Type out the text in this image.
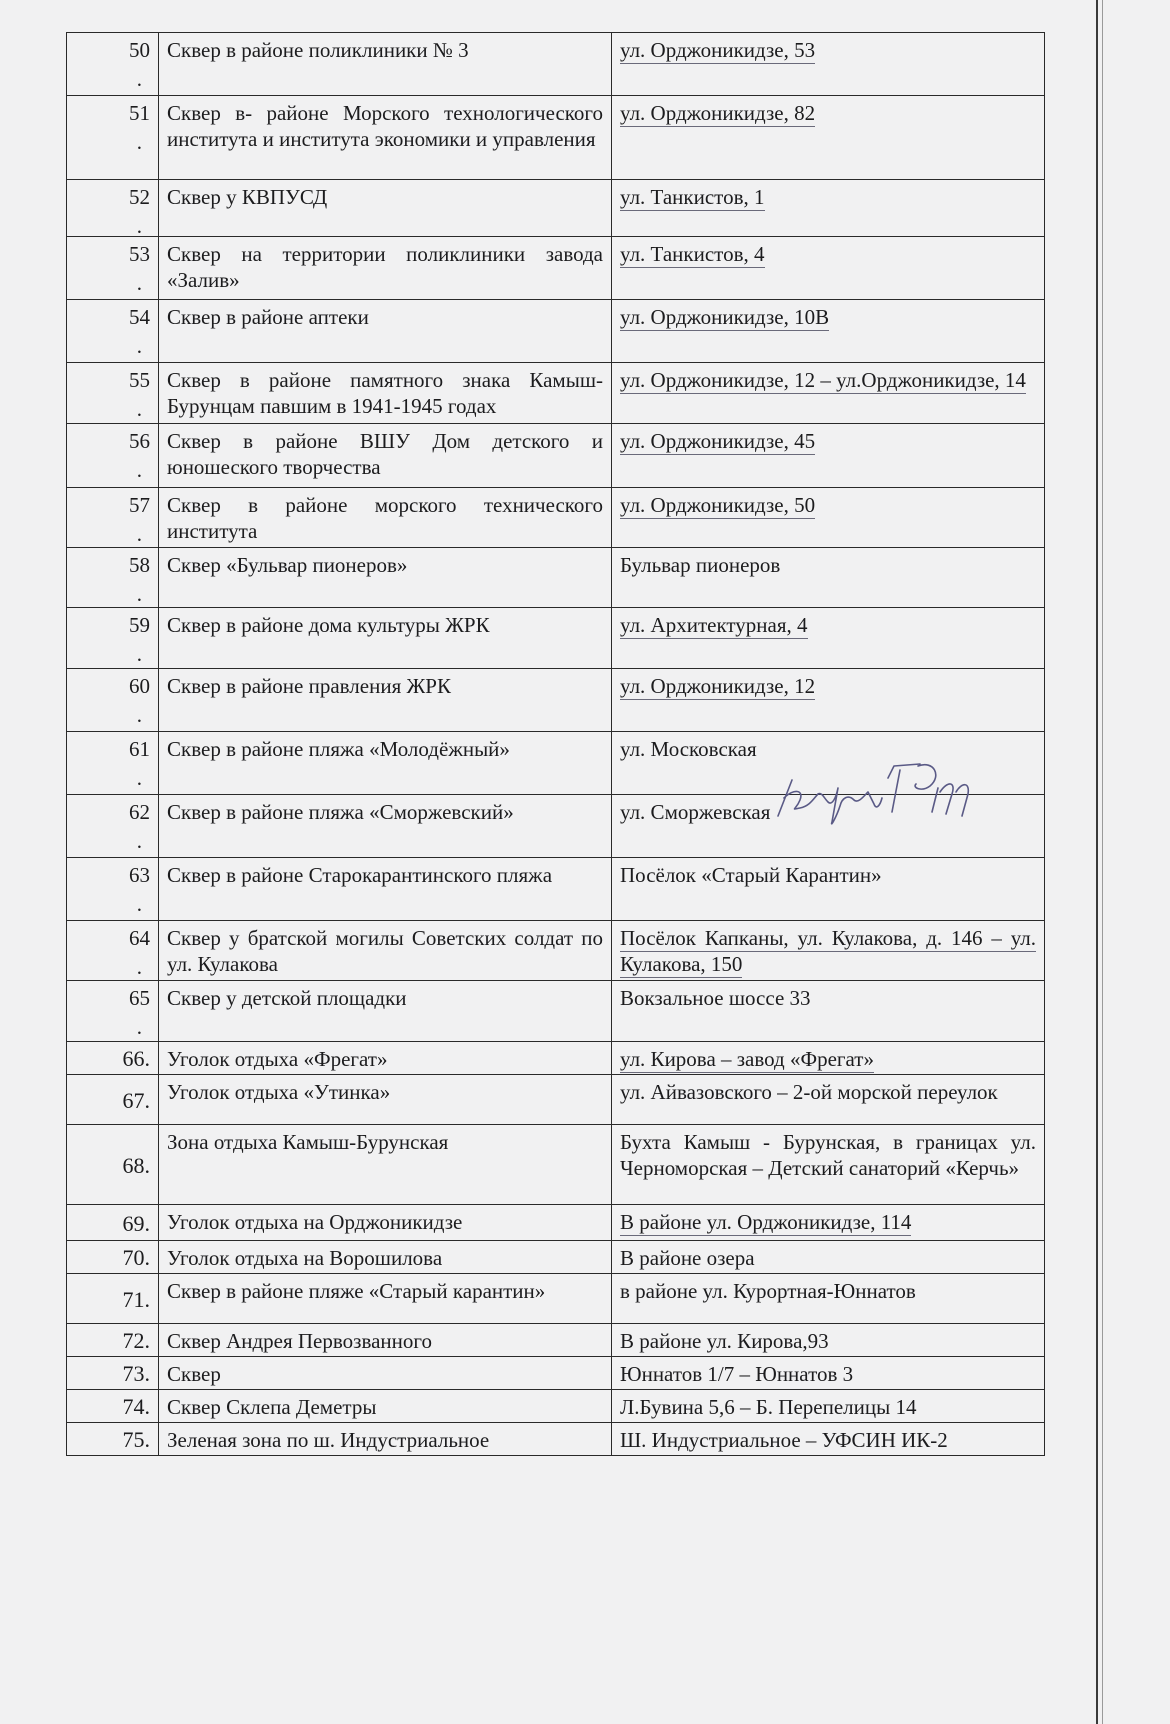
50
.	Сквер в районе поликлиники № 3	ул. Орджоникидзе, 53
51
.	Сквер в- районе Морского технологического института и института экономики и управления	ул. Орджоникидзе, 82
52
.	Сквер у КВПУСД	ул. Танкистов, 1
53
.	Сквер на территории поликлиники завода «Залив»	ул. Танкистов, 4
54
.	Сквер в районе аптеки	ул. Орджоникидзе, 10В
55
.	Сквер в районе памятного знака Камыш-Бурунцам павшим в 1941-1945 годах	ул. Орджоникидзе, 12 – ул.Орджоникидзе, 14
56
.	Сквер в районе ВШУ Дом детского и юношеского творчества	ул. Орджоникидзе, 45
57
.	Сквер в районе морского технического института	ул. Орджоникидзе, 50
58
.	Сквер «Бульвар пионеров»	Бульвар пионеров
59
.	Сквер в районе дома культуры ЖРК	ул. Архитектурная, 4
60
.	Сквер в районе правления ЖРК	ул. Орджоникидзе, 12
61
.	Сквер в районе пляжа «Молодёжный»	ул. Московская
62
.	Сквер в районе пляжа «Сморжевский»	ул. Сморжевская
63
.	Сквер в районе Старокарантинского пляжа	Посёлок «Старый Карантин»
64
.	Сквер у братской могилы Советских солдат по ул. Кулакова	Посёлок Капканы, ул. Кулакова, д. 146 – ул. Кулакова, 150
65
.	Сквер у детской площадки	Вокзальное шоссе 33
66.	Уголок отдыха «Фрегат»	ул. Кирова – завод «Фрегат»
67.	Уголок отдыха «Утинка»	ул. Айвазовского – 2-ой морской переулок
68.	Зона отдыха Камыш-Бурунская	Бухта Камыш - Бурунская, в границах ул. Черноморская – Детский санаторий «Керчь»
69.	Уголок отдыха на Орджоникидзе	В районе ул. Орджоникидзе, 114
70.	Уголок отдыха на Ворошилова	В районе озера
71.	Сквер в районе пляже «Старый карантин»	в районе ул. Курортная-Юннатов
72.	Сквер Андрея Первозванного	В районе ул. Кирова,93
73.	Сквер	Юннатов 1/7 – Юннатов 3
74.	Сквер Склепа Деметры	Л.Бувина 5,6 – Б. Перепелицы 14
75.	Зеленая зона по ш. Индустриальное	Ш. Индустриальное – УФСИН ИК-2
